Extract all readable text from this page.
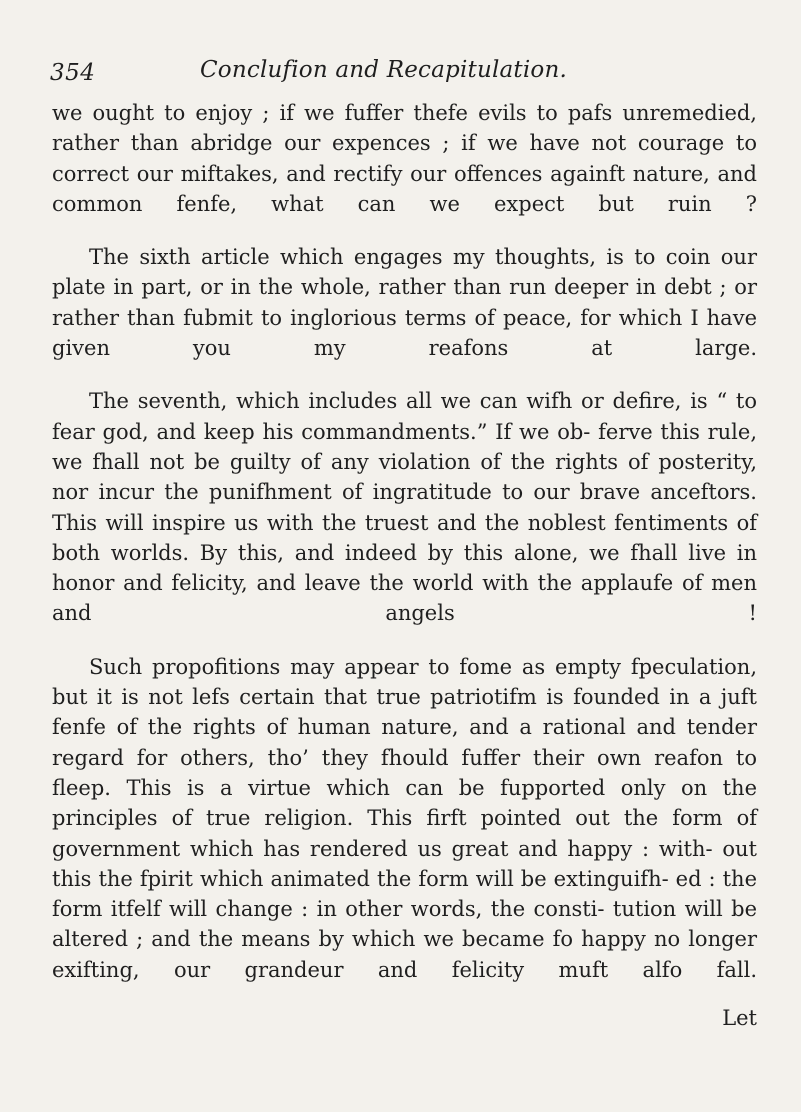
354	Conclufion and Recapitulation.

we ought to enjoy ; if we fuffer thefe evils to pafs unremedied, rather than abridge our expences ; if we have not courage to correct our miftakes, and rectify our offences againft nature, and common fenfe, what can we expect but ruin ?

The sixth article which engages my thoughts, is to coin our plate in part, or in the whole, rather than run deeper in debt ; or rather than fubmit to inglorious terms of peace, for which I have given you my reafons at large.

The seventh, which includes all we can wifh or defire, is “ to fear god, and keep his commandments.” If we ob- ferve this rule, we fhall not be guilty of any violation of the rights of posterity, nor incur the punifhment of ingratitude to our brave anceftors. This will inspire us with the truest and the noblest fentiments of both worlds. By this, and indeed by this alone, we fhall live in honor and felicity, and leave the world with the applaufe of men and angels !

Such propofitions may appear to fome as empty fpeculation, but it is not lefs certain that true patriotifm is founded in a juft fenfe of the rights of human nature, and a rational and tender regard for others, tho’ they fhould fuffer their own reafon to fleep. This is a virtue which can be fupported only on the principles of true religion. This firft pointed out the form of government which has rendered us great and happy : with- out this the fpirit which animated the form will be extinguifh- ed : the form itfelf will change : in other words, the consti- tution will be altered ; and the means by which we became fo happy no longer exifting, our grandeur and felicity muft alfo fall.

Let
